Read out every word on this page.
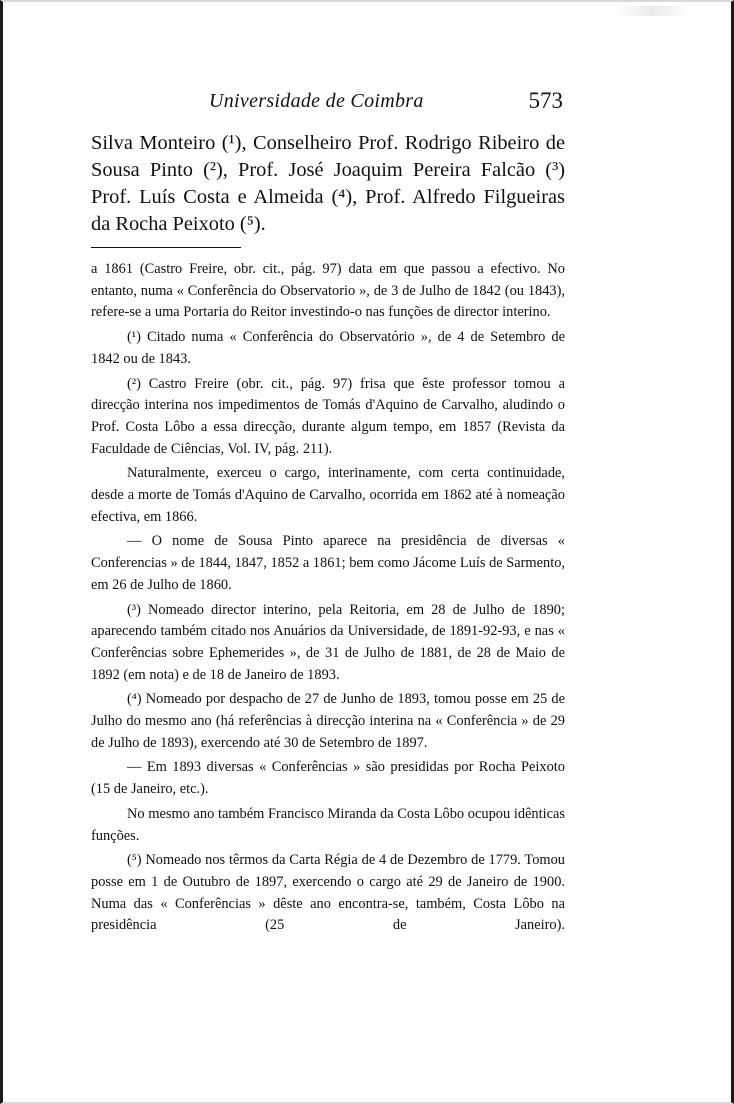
Universidade de Coimbra	573

Silva Monteiro (¹), Conselheiro Prof. Rodrigo Ribeiro de Sousa Pinto (²), Prof. José Joaquim Pereira Falcão (³) Prof. Luís Costa e Almeida (⁴), Prof. Alfredo Filgueiras da Rocha Peixoto (⁵).

a 1861 (Castro Freire, obr. cit., pág. 97) data em que passou a efectivo. No entanto, numa « Conferência do Observatorio », de 3 de Julho de 1842 (ou 1843), refere-se a uma Portaria do Reitor investindo-o nas funções de director interino.

(¹) Citado numa « Conferência do Observatório », de 4 de Setembro de 1842 ou de 1843.

(²) Castro Freire (obr. cit., pág. 97) frisa que êste professor tomou a direcção interina nos impedimentos de Tomás d'Aquino de Carvalho, aludindo o Prof. Costa Lôbo a essa direcção, durante algum tempo, em 1857 (Revista da Faculdade de Ciências, Vol. IV, pág. 211).

Naturalmente, exerceu o cargo, interinamente, com certa continuidade, desde a morte de Tomás d'Aquino de Carvalho, ocorrida em 1862 até à nomeação efectiva, em 1866.

— O nome de Sousa Pinto aparece na presidência de diversas « Conferencias » de 1844, 1847, 1852 a 1861; bem como Jácome Luís de Sarmento, em 26 de Julho de 1860.

(³) Nomeado director interino, pela Reitoria, em 28 de Julho de 1890; aparecendo também citado nos Anuários da Universidade, de 1891-92-93, e nas « Conferências sobre Ephemerides », de 31 de Julho de 1881, de 28 de Maio de 1892 (em nota) e de 18 de Janeiro de 1893.

(⁴) Nomeado por despacho de 27 de Junho de 1893, tomou posse em 25 de Julho do mesmo ano (há referências à direcção interina na « Conferência » de 29 de Julho de 1893), exercendo até 30 de Setembro de 1897.

— Em 1893 diversas « Conferências » são presididas por Rocha Peixoto (15 de Janeiro, etc.).

No mesmo ano também Francisco Miranda da Costa Lôbo ocupou idênticas funções.

(⁵) Nomeado nos têrmos da Carta Régia de 4 de Dezembro de 1779. Tomou posse em 1 de Outubro de 1897, exercendo o cargo até 29 de Janeiro de 1900. Numa das « Conferências » dêste ano encontra-se, também, Costa Lôbo na presidência (25 de Janeiro).
